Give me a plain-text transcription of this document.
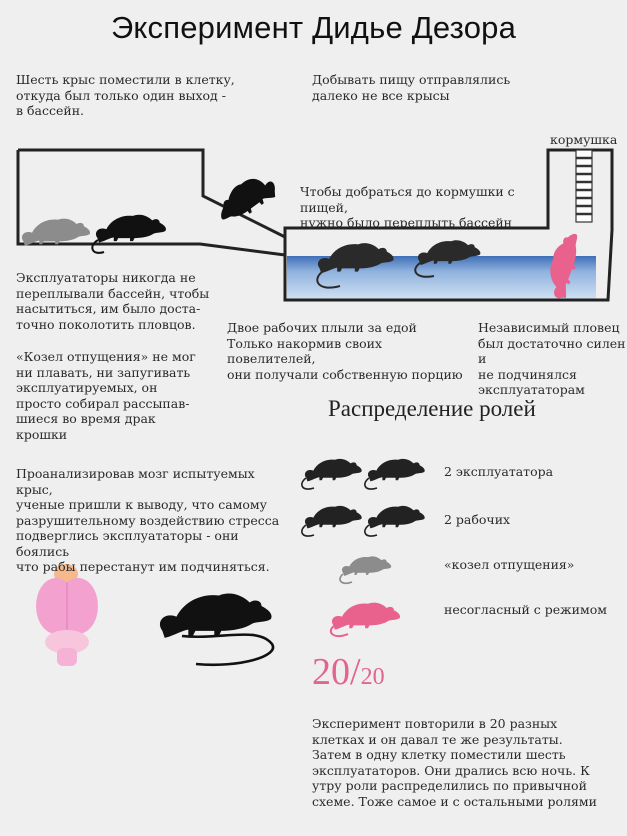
Эксперимент Дидье Дезора
Шесть крыс поместили в клетку,
откуда был только один выход -
в бассейн.
Добывать пищу отправлялись
далеко не все крысы
кормушка
Чтобы добраться до кормушки с пищей,
нужно было переплыть бассейн
Эксплуататоры никогда не
переплывали бассейн, чтобы
насытиться, им было доста-
точно поколотить пловцов.
«Козел отпущения» не мог
ни плавать, ни запугивать
эксплуатируемых, он
просто собирал рассыпав-
шиеся во время драк
крошки
Двое рабочих плыли за едой
Только накормив своих повелителей,
они получали собственную порцию
Независимый пловец
был достаточно силен и
не подчинялся
эксплуататорам
Распределение ролей
Проанализировав мозг испытуемых крыс,
ученые пришли к выводу, что самому
разрушительному воздействию стресса
подверглись эксплуататоры - они боялись
что рабы перестанут им подчиняться.
2 эксплуататора
2 рабочих
«козел отпущения»
несогласный с режимом
20/20
Эксперимент повторили в 20 разных
клетках и он давал те же результаты.
Затем в одну клетку поместили шесть
эксплуататоров. Они дрались всю ночь. К
утру роли распределились по привычной
схеме. Тоже самое и с остальными ролями
